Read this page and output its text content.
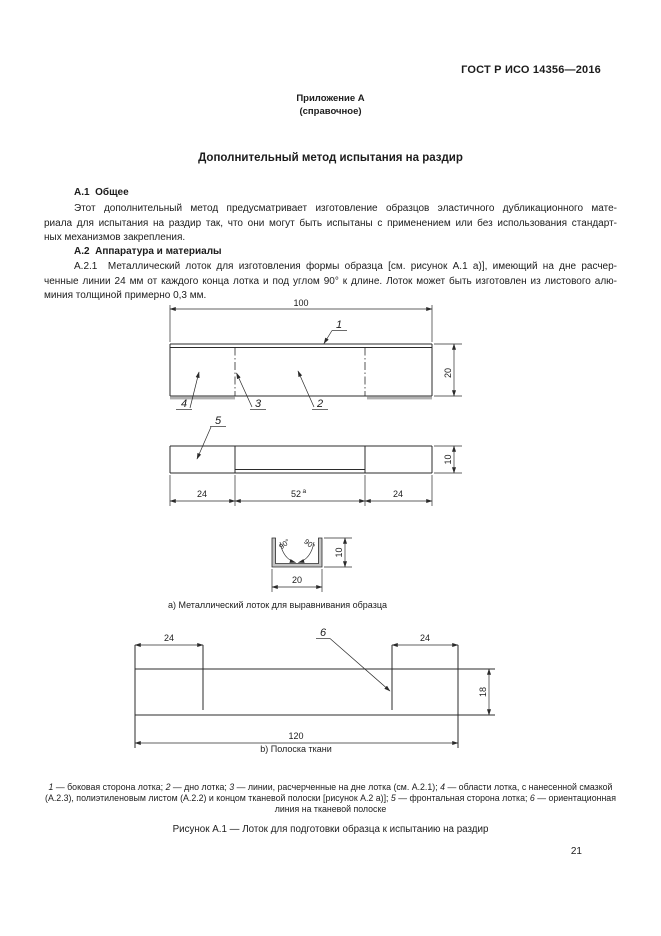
ГОСТ Р ИСО 14356—2016
Приложение А
(справочное)
Дополнительный метод испытания на раздир
А.1  Общее
Этот дополнительный метод предусматривает изготовление образцов эластичного дубликационного мате-
риала для испытания на раздир так, что они могут быть испытаны с применением или без использования стандарт-
ных механизмов закрепления.
А.2  Аппаратура и материалы
А.2.1  Металлический лоток для изготовления формы образца [см. рисунок А.1 а)], имеющий на дне расчер-
ченные линии 24 мм от каждого конца лотка и под углом 90° к длине. Лоток может быть изготовлен из листового алю-
миния толщиной примерно 0,3 мм.
100
20
1
4	3	2
5
24	52 а	24
10
90° 90°
10
20
24	24
6
120
18
а) Металлический лоток для выравнивания образца
b) Полоска ткани
1 — боковая сторона лотка; 2 — дно лотка; 3 — линии, расчерченные на дне лотка (см. А.2.1); 4 — области лотка, с нанесенной смазкой (А.2.3), полиэтиленовым листом (А.2.2) и концом тканевой полоски [рисунок А.2 а)]; 5 — фронтальная сторона лотка; 6 — ориентационная линия на тканевой полоске
Рисунок А.1 — Лоток для подготовки образца к испытанию на раздир
21
